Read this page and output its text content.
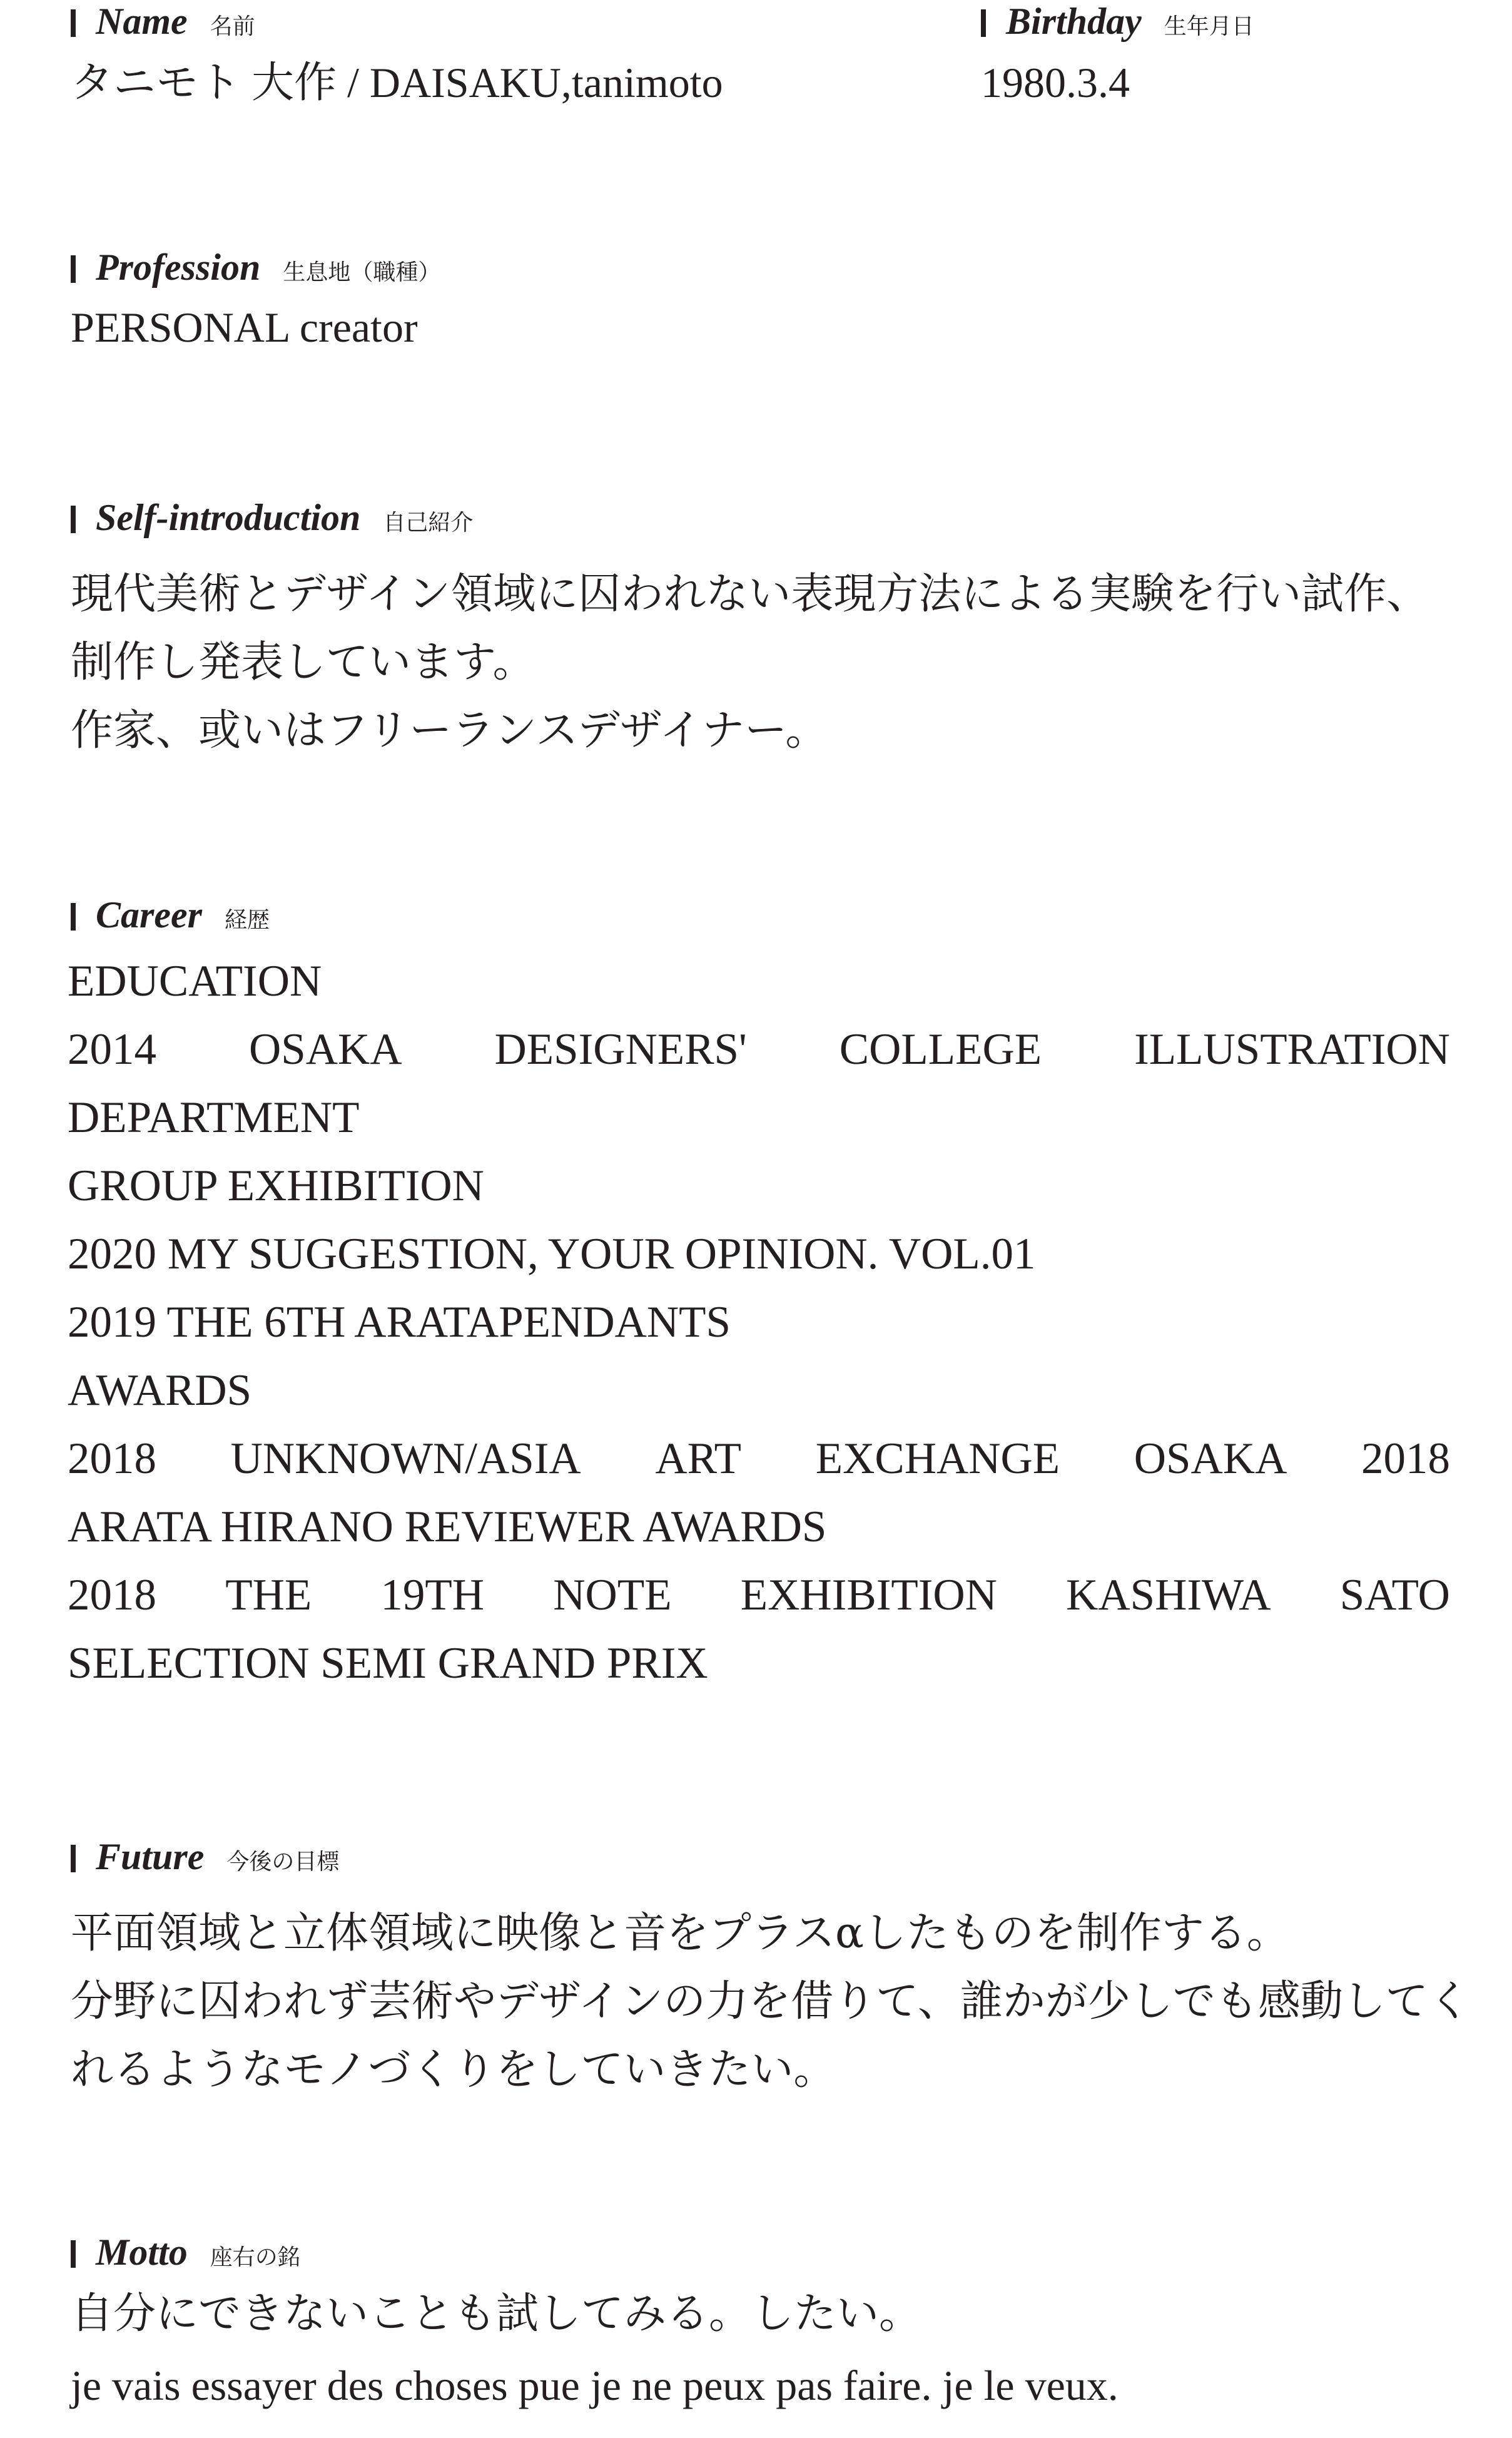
Name 名前
タニモト 大作 / DAISAKU,tanimoto
Birthday 生年月日
1980.3.4
Profession 生息地（職種）
PERSONAL creator
Self-introduction 自己紹介
現代美術とデザイン領域に囚われない表現方法による実験を行い試作、
制作し発表しています。
作家、或いはフリーランスデザイナー。
Career 経歴
EDUCATION
2014 OSAKA DESIGNERS' COLLEGE ILLUSTRATION
DEPARTMENT
GROUP EXHIBITION
2020 MY SUGGESTION, YOUR OPINION. VOL.01
2019 THE 6TH ARATAPENDANTS
AWARDS
2018 UNKNOWN/ASIA ART EXCHANGE OSAKA 2018
ARATA HIRANO REVIEWER AWARDS
2018 THE 19TH NOTE EXHIBITION KASHIWA SATO
SELECTION SEMI GRAND PRIX
Future 今後の目標
平面領域と立体領域に映像と音をプラスαしたものを制作する。
分野に囚われず芸術やデザインの力を借りて、誰かが少しでも感動してく
れるようなモノづくりをしていきたい。
Motto 座右の銘
自分にできないことも試してみる。したい。
je vais essayer des choses pue je ne peux pas faire. je le veux.
